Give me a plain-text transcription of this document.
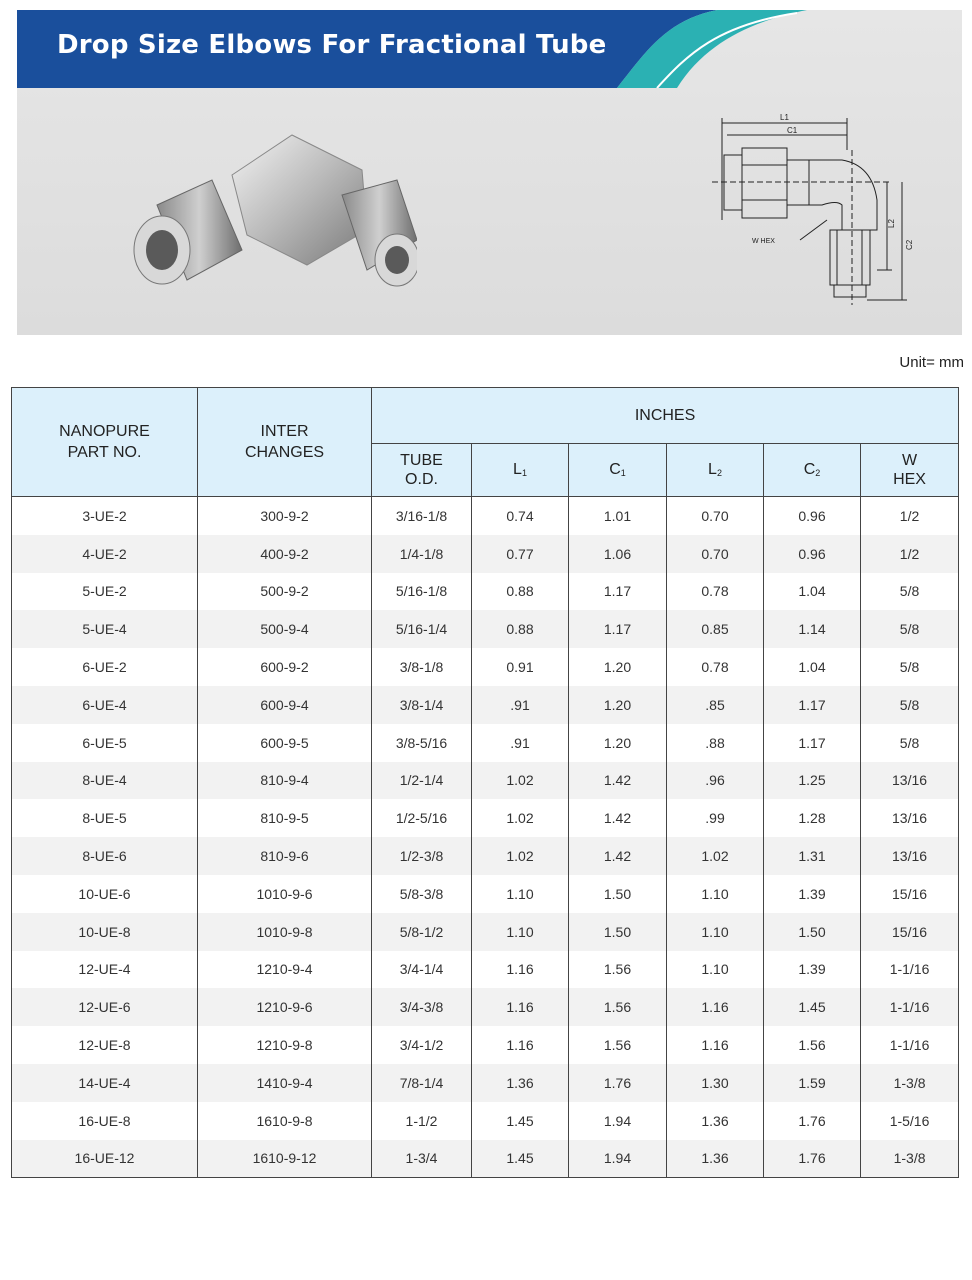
Drop Size Elbows For Fractional Tube
L1
C1
W HEX
L2
C2
Unit= mm
NANOPURE PART NO.	INTER CHANGES	INCHES					
		TUBE O.D.	$L_1$	$C_1$	$L_2$	$C_2$	W HEX
3-UE-2	300-9-2	3/16-1/8	0.74	1.01	0.70	0.96	1/2
4-UE-2	400-9-2	1/4-1/8	0.77	1.06	0.70	0.96	1/2
5-UE-2	500-9-2	5/16-1/8	0.88	1.17	0.78	1.04	5/8
5-UE-4	500-9-4	5/16-1/4	0.88	1.17	0.85	1.14	5/8
6-UE-2	600-9-2	3/8-1/8	0.91	1.20	0.78	1.04	5/8
6-UE-4	600-9-4	3/8-1/4	.91	1.20	.85	1.17	5/8
6-UE-5	600-9-5	3/8-5/16	.91	1.20	.88	1.17	5/8
8-UE-4	810-9-4	1/2-1/4	1.02	1.42	.96	1.25	13/16
8-UE-5	810-9-5	1/2-5/16	1.02	1.42	.99	1.28	13/16
8-UE-6	810-9-6	1/2-3/8	1.02	1.42	1.02	1.31	13/16
10-UE-6	1010-9-6	5/8-3/8	1.10	1.50	1.10	1.39	15/16
10-UE-8	1010-9-8	5/8-1/2	1.10	1.50	1.10	1.50	15/16
12-UE-4	1210-9-4	3/4-1/4	1.16	1.56	1.10	1.39	1-1/16
12-UE-6	1210-9-6	3/4-3/8	1.16	1.56	1.16	1.45	1-1/16
12-UE-8	1210-9-8	3/4-1/2	1.16	1.56	1.16	1.56	1-1/16
14-UE-4	1410-9-4	7/8-1/4	1.36	1.76	1.30	1.59	1-3/8
16-UE-8	1610-9-8	1-1/2	1.45	1.94	1.36	1.76	1-5/16
16-UE-12	1610-9-12	1-3/4	1.45	1.94	1.36	1.76	1-3/8
